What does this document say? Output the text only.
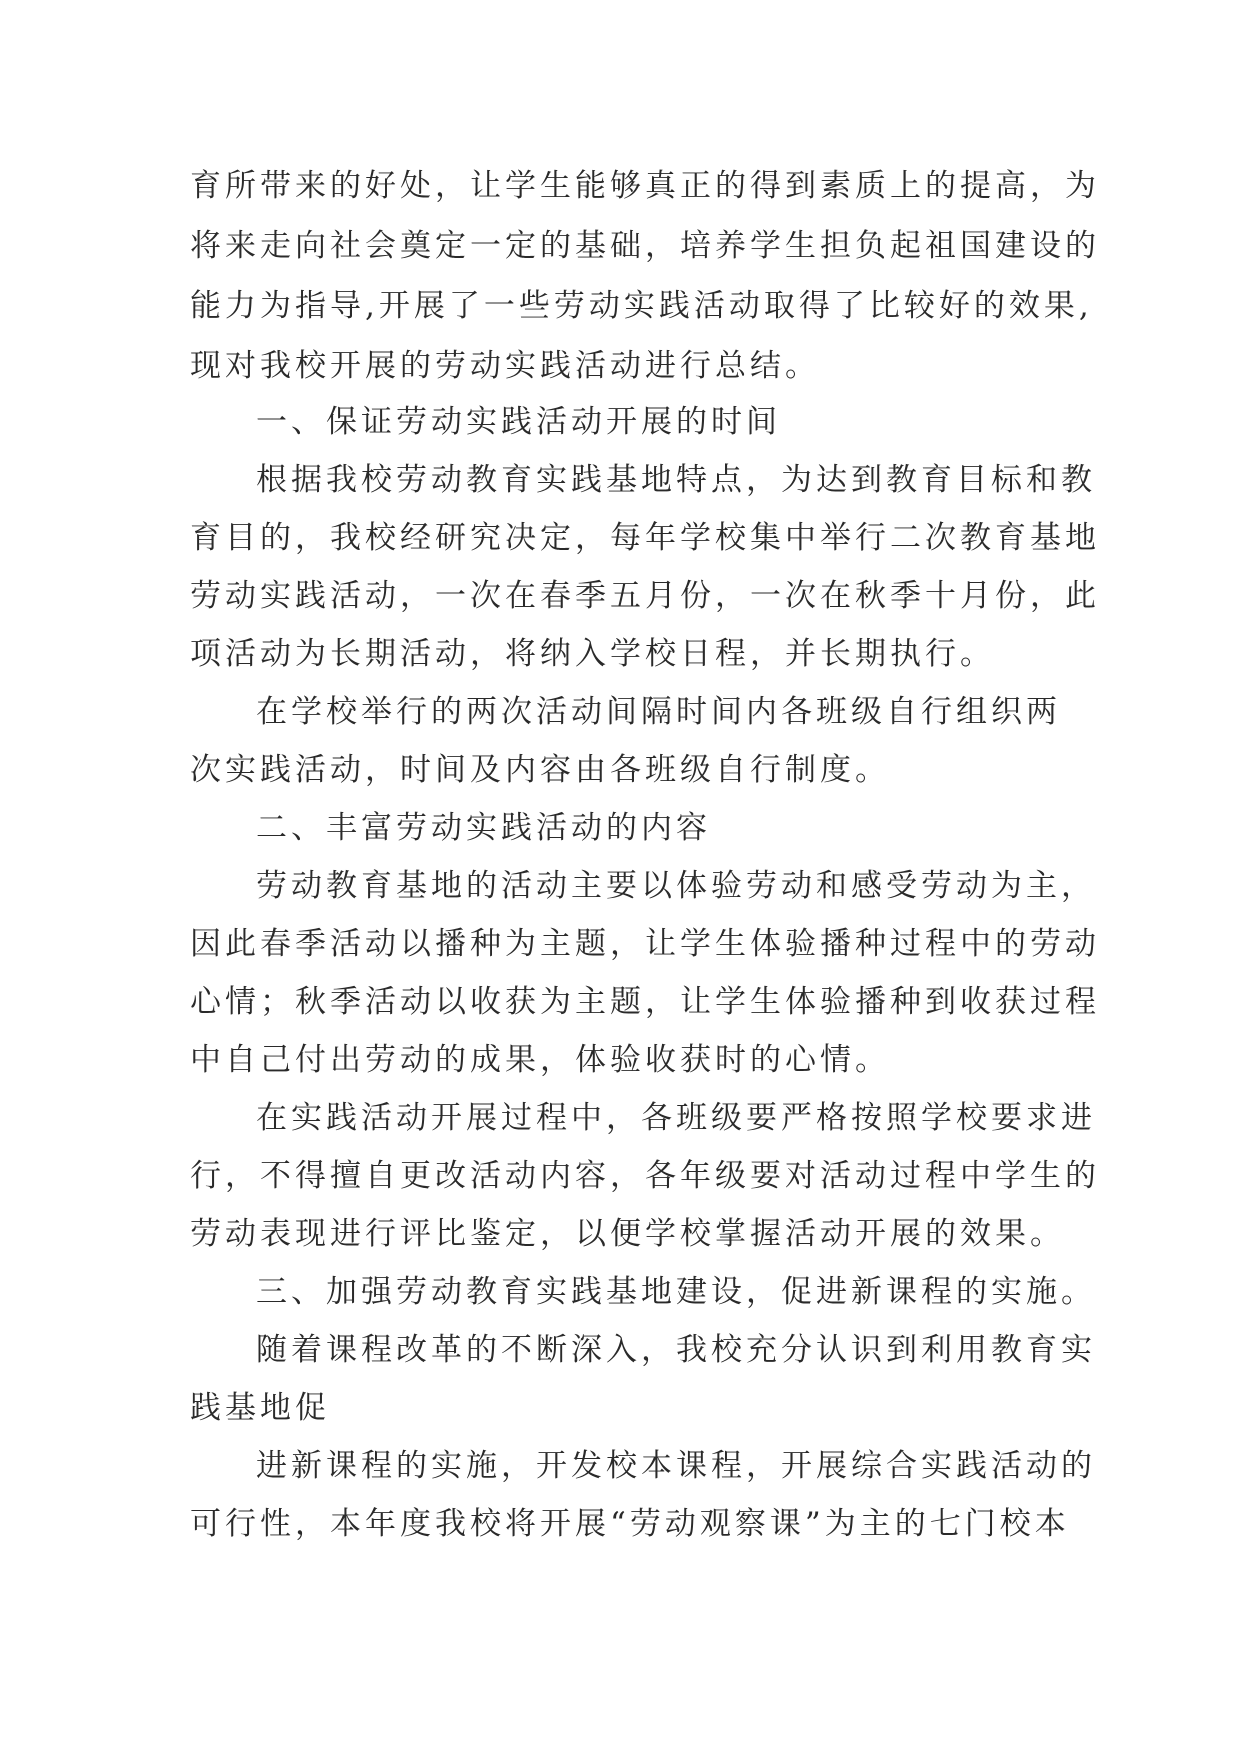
育所带来的好处，让学生能够真正的得到素质上的提高，为

将来走向社会奠定一定的基础，培养学生担负起祖国建设的

能力为指导,开展了一些劳动实践活动取得了比较好的效果,

现对我校开展的劳动实践活动进行总结。

一、保证劳动实践活动开展的时间

根据我校劳动教育实践基地特点，为达到教育目标和教

育目的，我校经研究决定，每年学校集中举行二次教育基地

劳动实践活动，一次在春季五月份，一次在秋季十月份，此

项活动为长期活动，将纳入学校日程，并长期执行。

在学校举行的两次活动间隔时间内各班级自行组织两

次实践活动，时间及内容由各班级自行制度。

二、丰富劳动实践活动的内容

劳动教育基地的活动主要以体验劳动和感受劳动为主，

因此春季活动以播种为主题，让学生体验播种过程中的劳动

心情；秋季活动以收获为主题，让学生体验播种到收获过程

中自己付出劳动的成果，体验收获时的心情。

在实践活动开展过程中，各班级要严格按照学校要求进

行，不得擅自更改活动内容，各年级要对活动过程中学生的

劳动表现进行评比鉴定，以便学校掌握活动开展的效果。

三、加强劳动教育实践基地建设，促进新课程的实施。

随着课程改革的不断深入，我校充分认识到利用教育实

践基地促

进新课程的实施，开发校本课程，开展综合实践活动的

可行性，本年度我校将开展“劳动观察课”为主的七门校本
